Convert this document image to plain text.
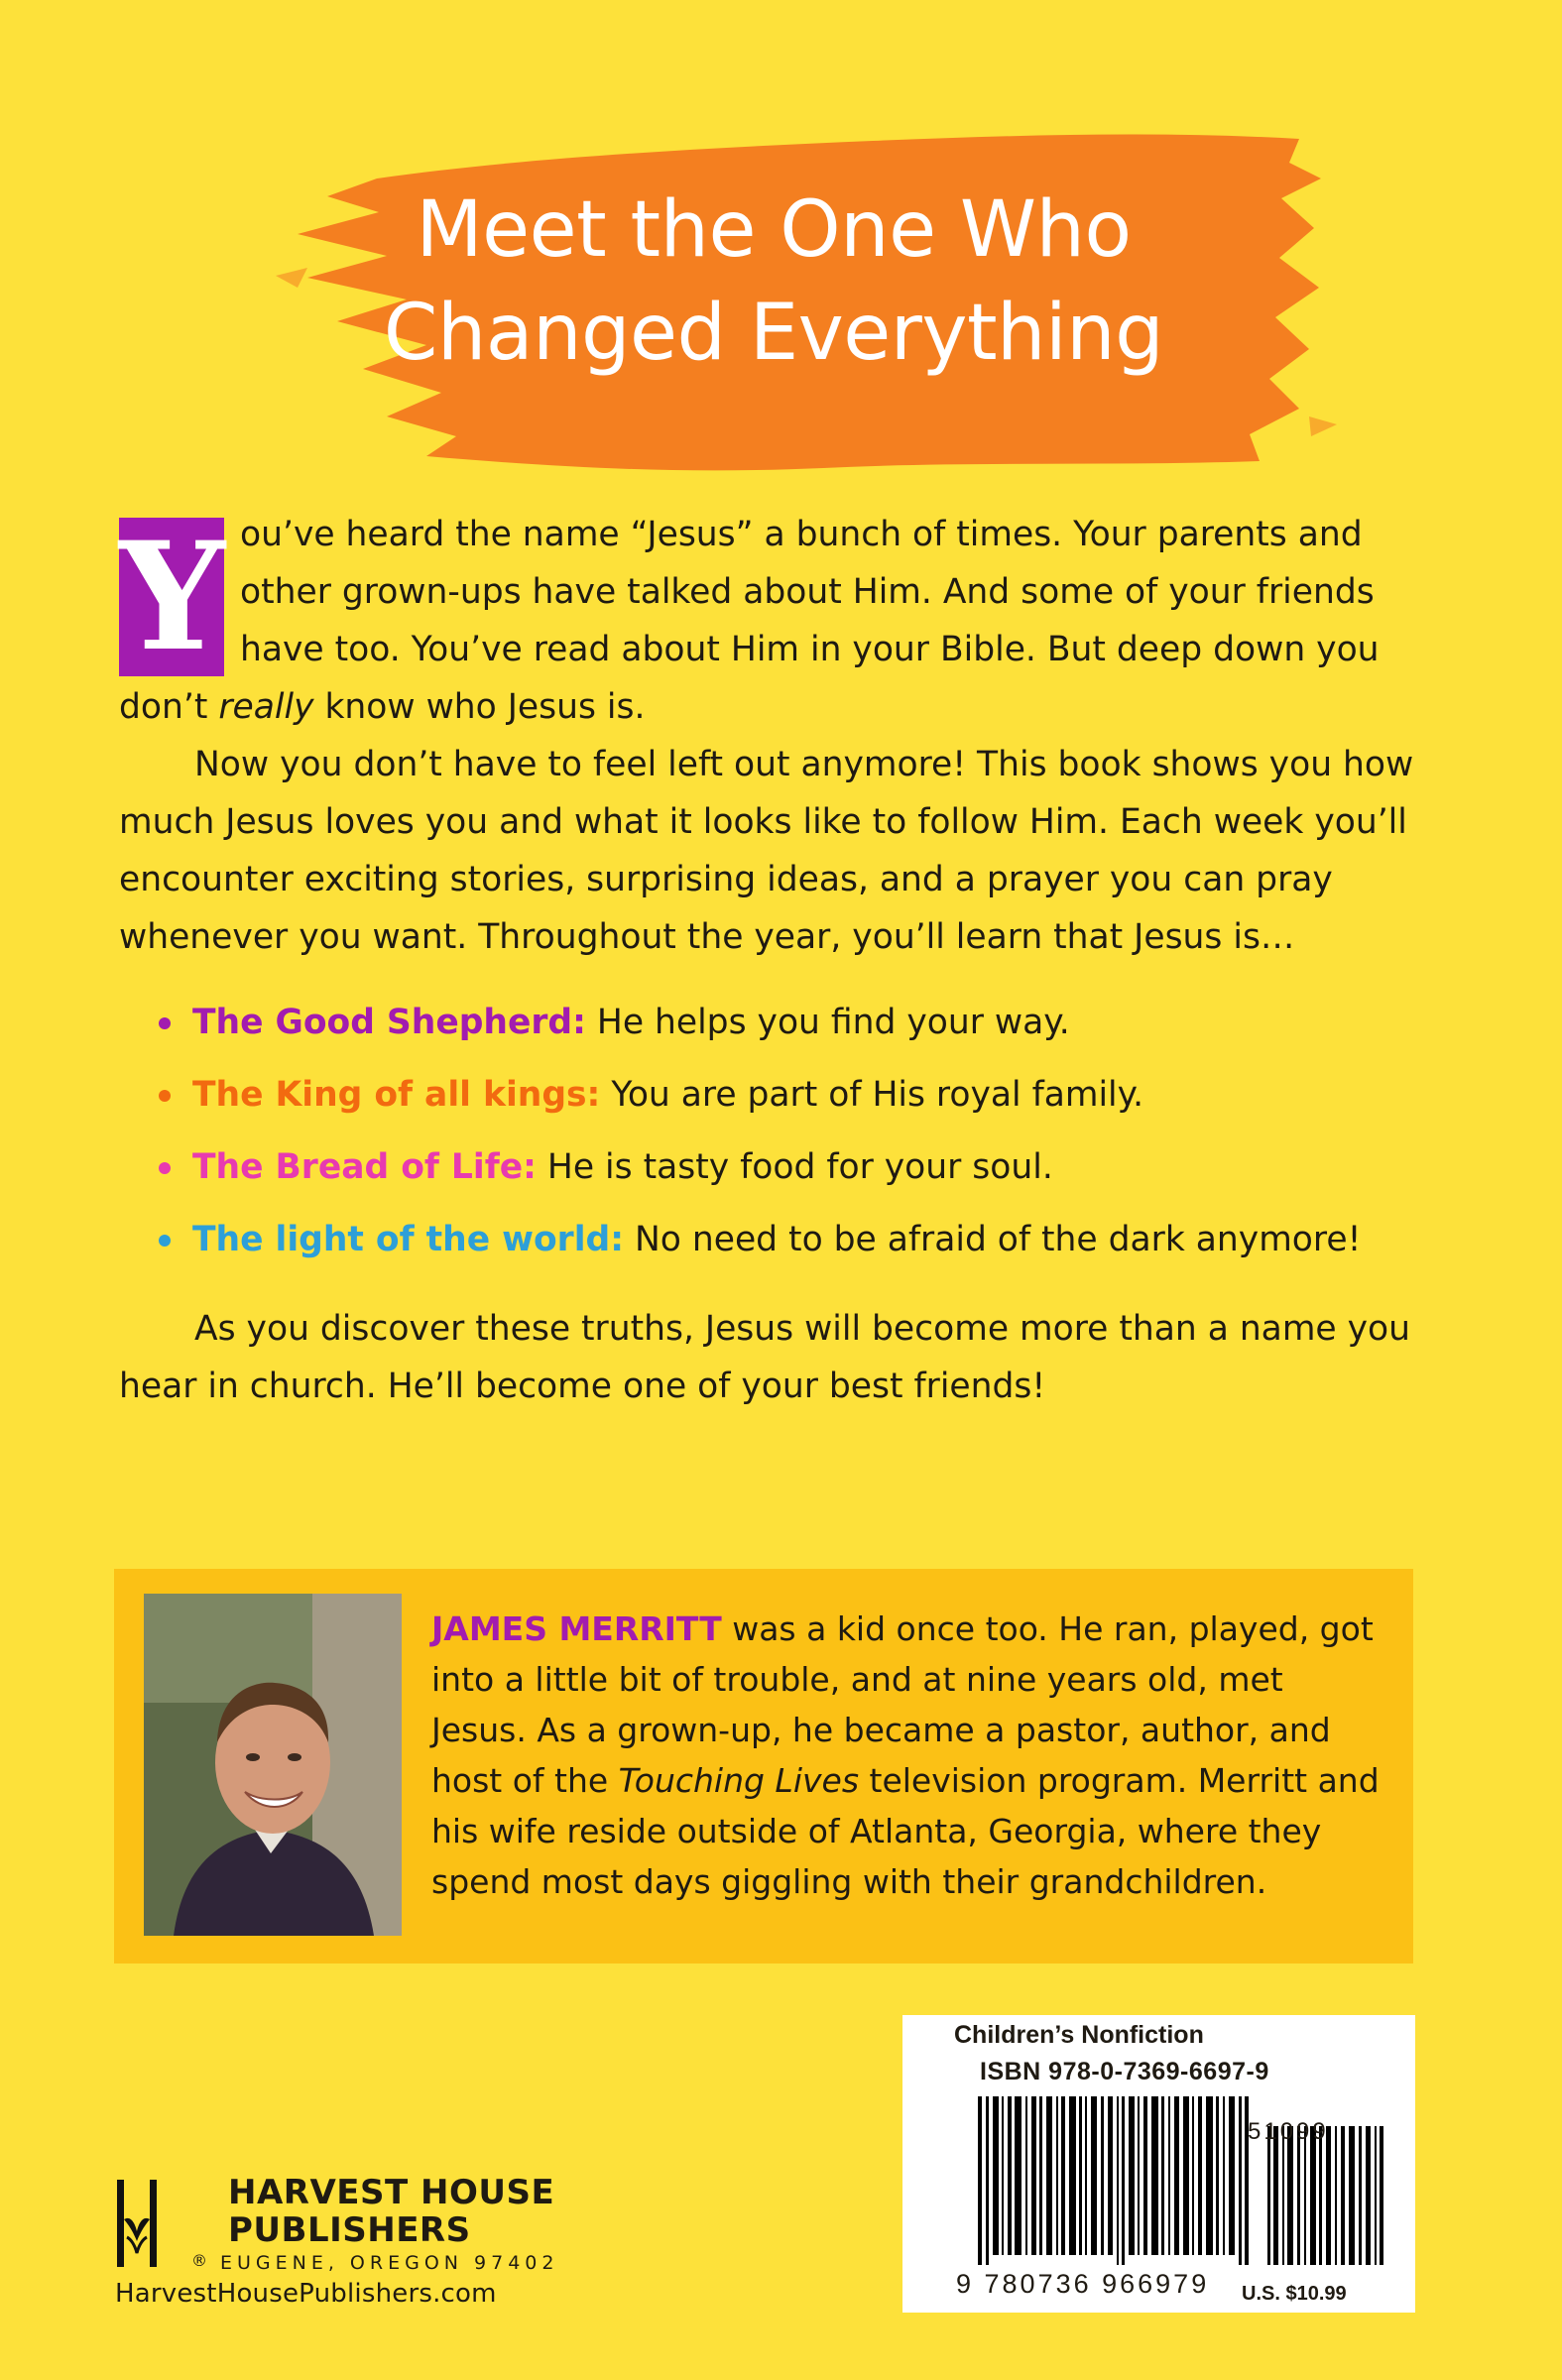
Meet the One Who
Changed Everything

Y ou’ve heard the name “Jesus” a bunch of times. Your parents and other grown-ups have talked about Him. And some of your friends have too. You’ve read about Him in your Bible. But deep down you don’t really know who Jesus is.

Now you don’t have to feel left out anymore! This book shows you how much Jesus loves you and what it looks like to follow Him. Each week you’ll encounter exciting stories, surprising ideas, and a prayer you can pray whenever you want. Throughout the year, you’ll learn that Jesus is…

The Good Shepherd: He helps you find your way.
The King of all kings: You are part of His royal family.
The Bread of Life: He is tasty food for your soul.
The light of the world: No need to be afraid of the dark anymore!

As you discover these truths, Jesus will become more than a name you hear in church. He’ll become one of your best friends!

JAMES MERRITT was a kid once too. He ran, played, got into a little bit of trouble, and at nine years old, met Jesus. As a grown-up, he became a pastor, author, and host of the Touching Lives television program. Merritt and his wife reside outside of Atlanta, Georgia, where they spend most days giggling with their grandchildren.
Children’s Nonfiction
ISBN 978-0-7369-6697-9
51099
9 780736 966979 U.S. $10.99
®
HARVEST HOUSE
PUBLISHERS
EUGENE, OREGON 97402
HarvestHousePublishers.com
